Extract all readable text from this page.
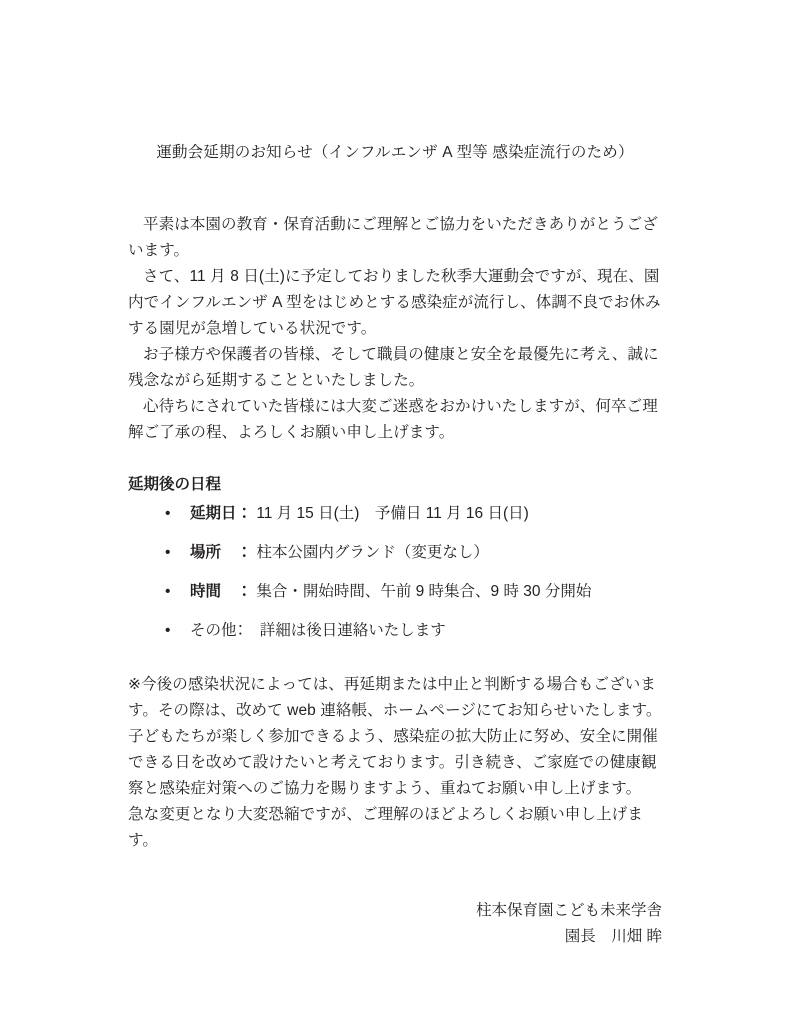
運動会延期のお知らせ（インフルエンザ A 型等 感染症流行のため）

平素は本園の教育・保育活動にご理解とご協力をいただきありがとうございます。

さて、11 月 8 日(土)に予定しておりました秋季大運動会ですが、現在、園内でインフルエンザ A 型をはじめとする感染症が流行し、体調不良でお休みする園児が急増している状況です。

お子様方や保護者の皆様、そして職員の健康と安全を最優先に考え、誠に残念ながら延期することといたしました。

心待ちにされていた皆様には大変ご迷惑をおかけいたしますが、何卒ご理解ご了承の程、よろしくお願い申し上げます。

延期後の日程
• 延期日： 11 月 15 日(土)　予備日 11 月 16 日(日)
• 場所　： 柱本公園内グランド（変更なし）
• 時間　： 集合・開始時間、午前 9 時集合、9 時 30 分開始
• その他：　詳細は後日連絡いたします

※今後の感染状況によっては、再延期または中止と判断する場合もございます。その際は、改めて web 連絡帳、ホームページにてお知らせいたします。

子どもたちが楽しく参加できるよう、感染症の拡大防止に努め、安全に開催できる日を改めて設けたいと考えております。引き続き、ご家庭での健康観察と感染症対策へのご協力を賜りますよう、重ねてお願い申し上げます。

急な変更となり大変恐縮ですが、ご理解のほどよろしくお願い申し上げます。

柱本保育園こども未来学舎
園長　川畑 眸
